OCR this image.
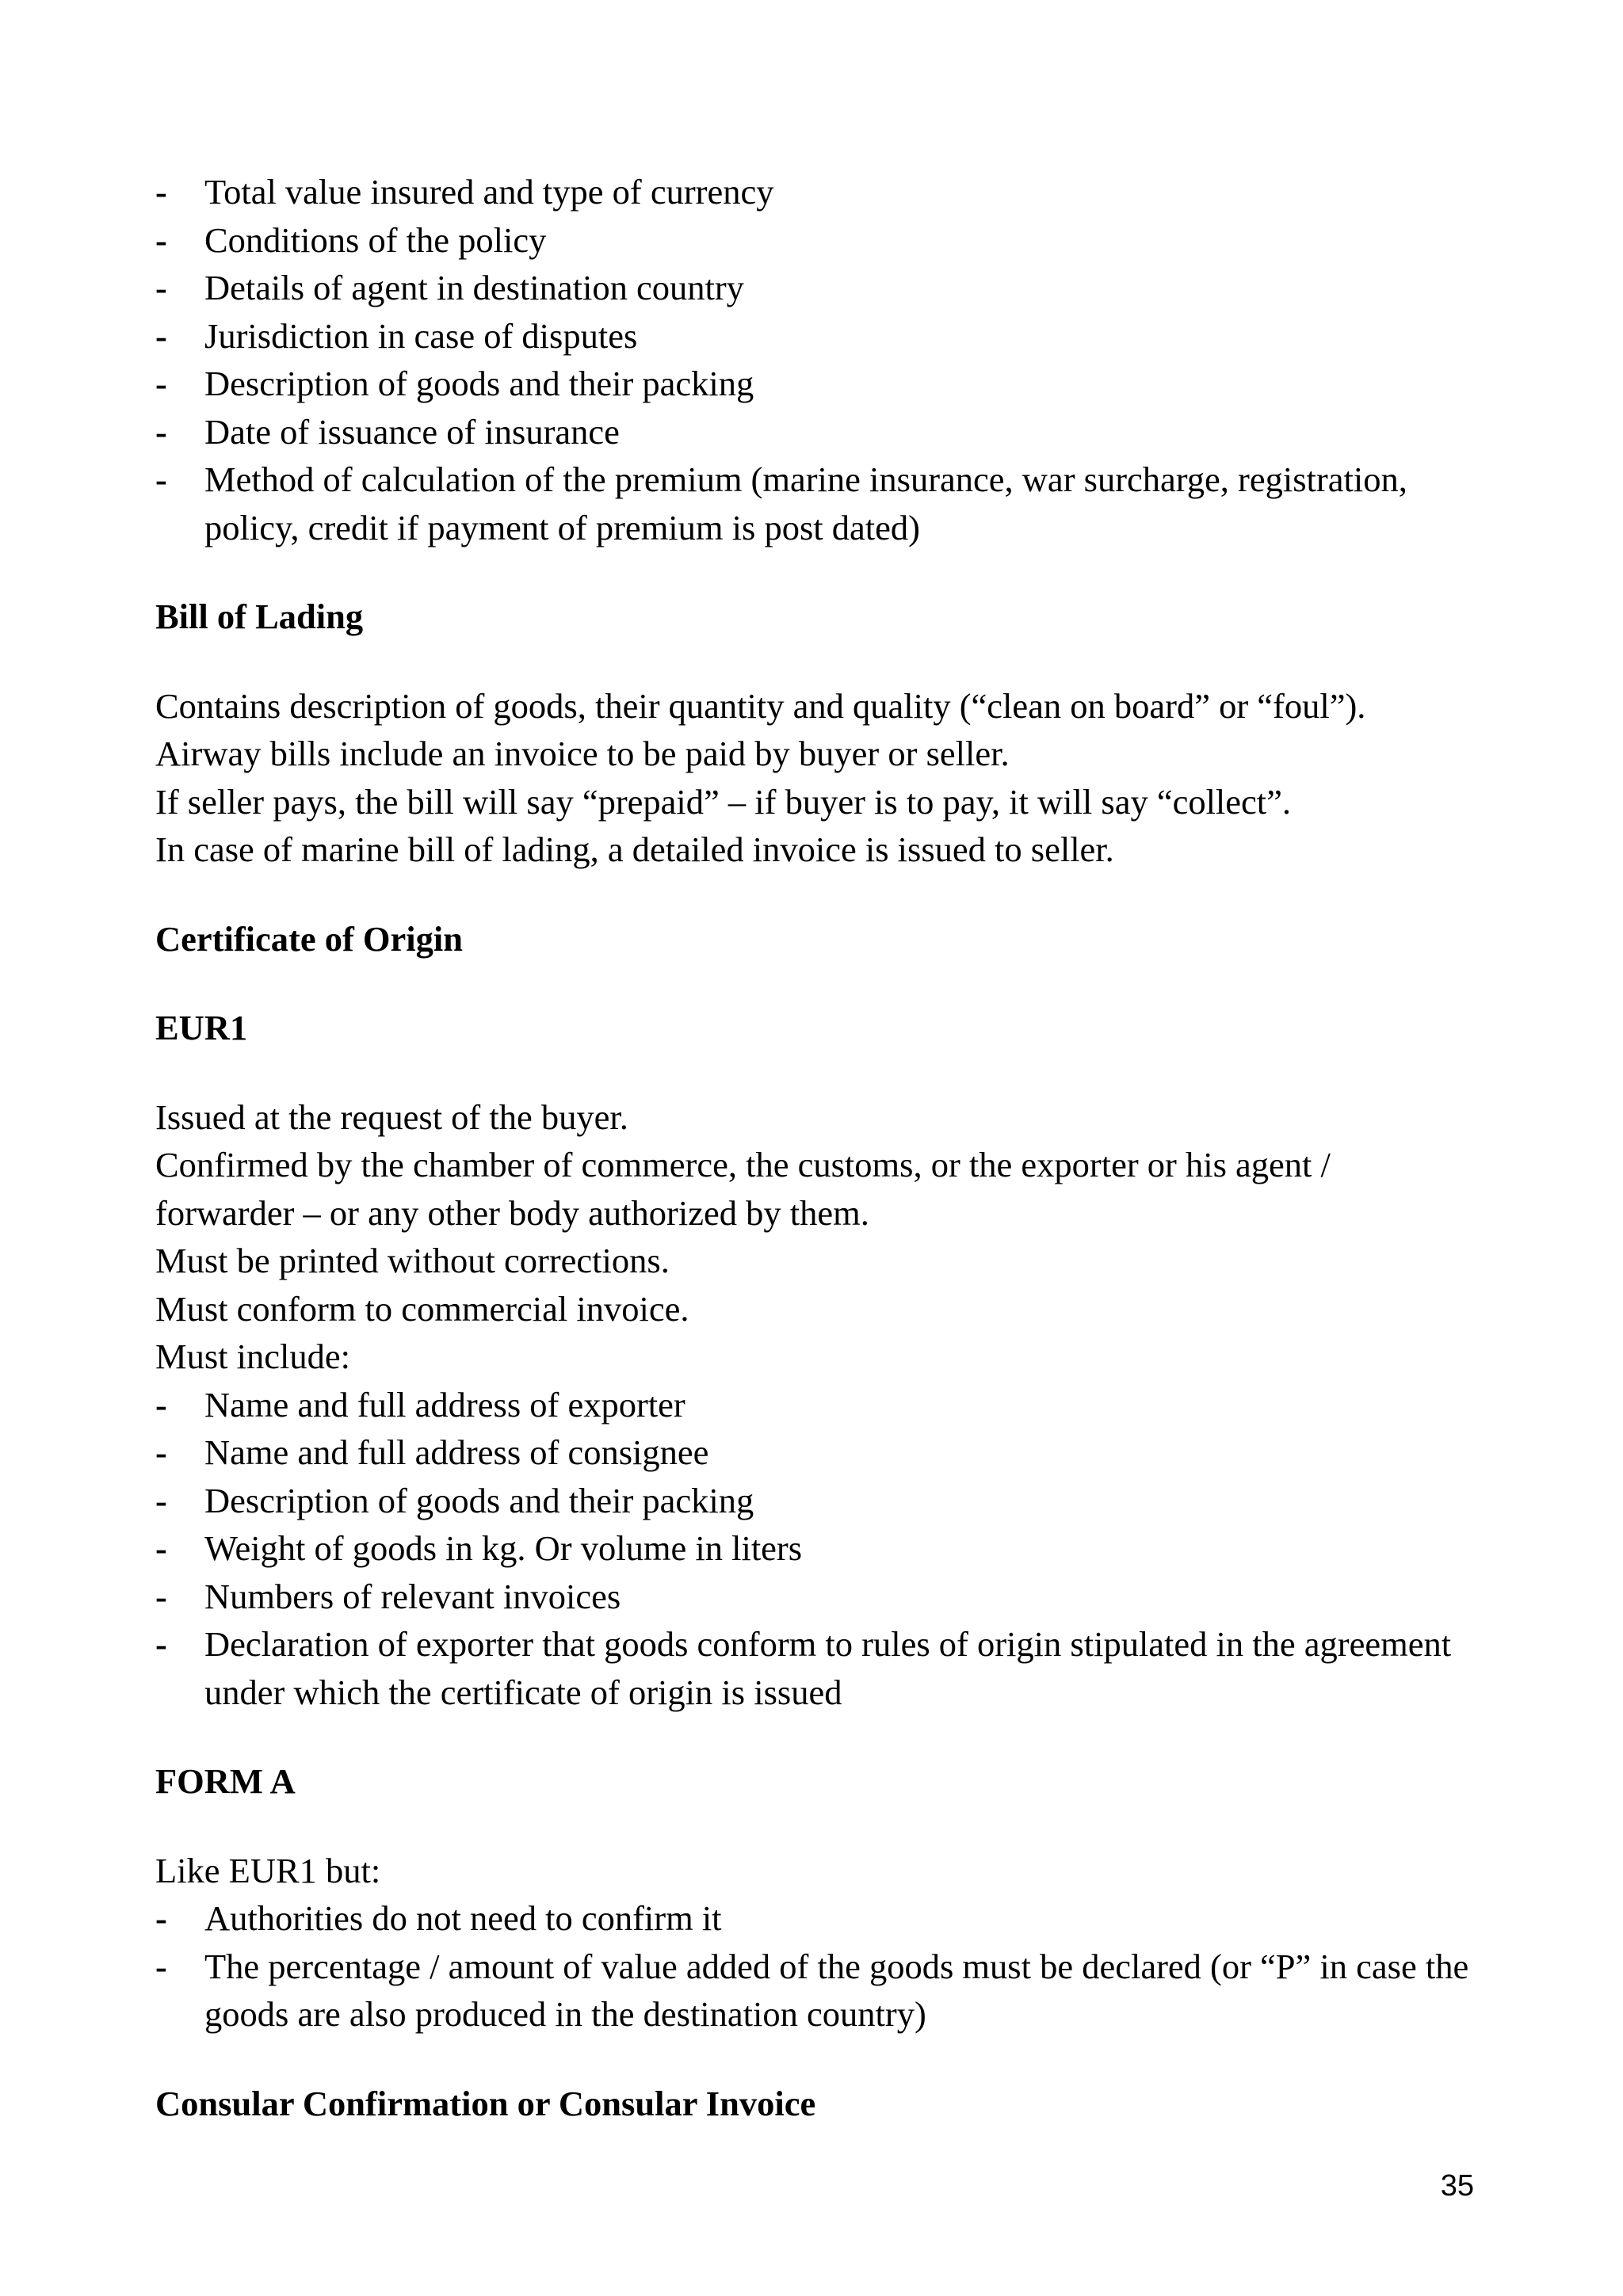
- Total value insured and type of currency
- Conditions of the policy
- Details of agent in destination country
- Jurisdiction in case of disputes
- Description of goods and their packing
- Date of issuance of insurance
- Method of calculation of the premium (marine insurance, war surcharge, registration, policy, credit if payment of premium is post dated)
Bill of Lading
Contains description of goods, their quantity and quality (“clean on board” or “foul”).
Airway bills include an invoice to be paid by buyer or seller.
If seller pays, the bill will say “prepaid” – if buyer is to pay, it will say “collect”.
In case of marine bill of lading, a detailed invoice is issued to seller.
Certificate of Origin
EUR1
Issued at the request of the buyer.
Confirmed by the chamber of commerce, the customs, or the exporter or his agent /
forwarder – or any other body authorized by them.
Must be printed without corrections.
Must conform to commercial invoice.
Must include:
- Name and full address of exporter
- Name and full address of consignee
- Description of goods and their packing
- Weight of goods in kg. Or volume in liters
- Numbers of relevant invoices
- Declaration of exporter that goods conform to rules of origin stipulated in the agreement under which the certificate of origin is issued
FORM A
Like EUR1 but:
- Authorities do not need to confirm it
- The percentage / amount of value added of the goods must be declared (or “P” in case the goods are also produced in the destination country)
Consular Confirmation or Consular Invoice
35
